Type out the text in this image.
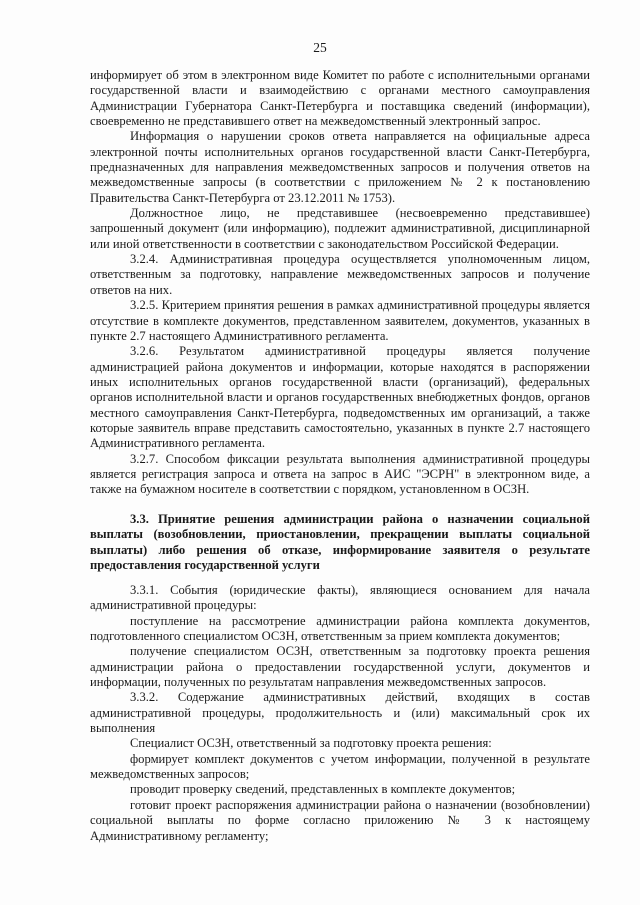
25

информирует об этом в электронном виде Комитет по работе с исполнительными органами государственной власти и взаимодействию с органами местного самоуправления Администрации Губернатора Санкт-Петербурга и поставщика сведений (информации), своевременно не представившего ответ на межведомственный электронный запрос.

Информация о нарушении сроков ответа направляется на официальные адреса электронной почты исполнительных органов государственной власти Санкт-Петербурга, предназначенных для направления межведомственных запросов и получения ответов на межведомственные запросы (в соответствии с приложением № 2 к постановлению Правительства Санкт-Петербурга от 23.12.2011 № 1753).

Должностное лицо, не представившее (несвоевременно представившее) запрошенный документ (или информацию), подлежит административной, дисциплинарной или иной ответственности в соответствии с законодательством Российской Федерации.

3.2.4. Административная процедура осуществляется уполномоченным лицом, ответственным за подготовку, направление межведомственных запросов и получение ответов на них.

3.2.5. Критерием принятия решения в рамках административной процедуры является отсутствие в комплекте документов, представленном заявителем, документов, указанных в пункте 2.7 настоящего Административного регламента.

3.2.6. Результатом административной процедуры является получение администрацией района документов и информации, которые находятся в распоряжении иных исполнительных органов государственной власти (организаций), федеральных органов исполнительной власти и органов государственных внебюджетных фондов, органов местного самоуправления Санкт-Петербурга, подведомственных им организаций, а также которые заявитель вправе представить самостоятельно, указанных в пункте 2.7 настоящего Административного регламента.

3.2.7. Способом фиксации результата выполнения административной процедуры является регистрация запроса и ответа на запрос в АИС "ЭСРН" в электронном виде, а также на бумажном носителе в соответствии с порядком, установленном в ОСЗН.

3.3. Принятие решения администрации района о назначении социальной выплаты (возобновлении, приостановлении, прекращении выплаты социальной выплаты) либо решения об отказе, информирование заявителя о результате предоставления государственной услуги

3.3.1. События (юридические факты), являющиеся основанием для начала административной процедуры:

поступление на рассмотрение администрации района комплекта документов, подготовленного специалистом ОСЗН, ответственным за прием комплекта документов;

получение специалистом ОСЗН, ответственным за подготовку проекта решения администрации района о предоставлении государственной услуги, документов и информации, полученных по результатам направления межведомственных запросов.

3.3.2. Содержание административных действий, входящих в состав административной процедуры, продолжительность и (или) максимальный срок их выполнения

Специалист ОСЗН, ответственный за подготовку проекта решения:

формирует комплект документов с учетом информации, полученной в результате межведомственных запросов;

проводит проверку сведений, представленных в комплекте документов;

готовит проект распоряжения администрации района о назначении (возобновлении) социальной выплаты по форме согласно приложению № 3 к настоящему Административному регламенту;
